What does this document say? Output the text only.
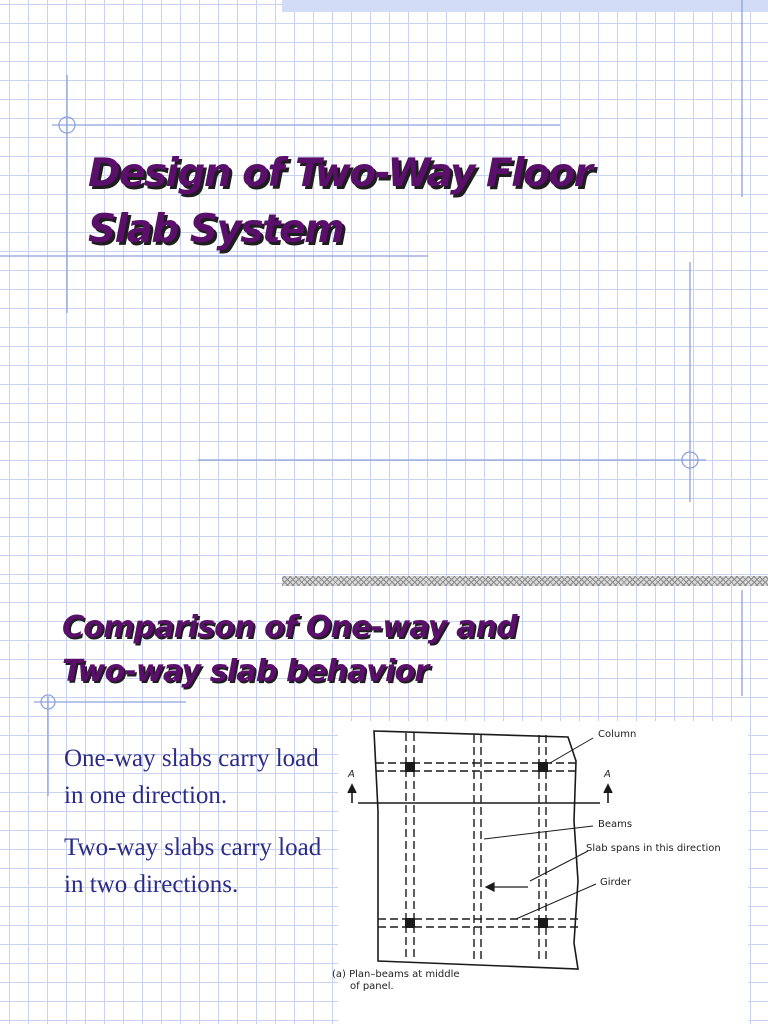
Design of Two-Way Floor
Slab System
Comparison of One-way and
Two-way slab behavior
One-way slabs carry load in one direction.
Two-way slabs carry load in two directions.
Column
Beams
Slab spans in this direction
Girder
A	A
(a) Plan–beams at middle
of panel.
